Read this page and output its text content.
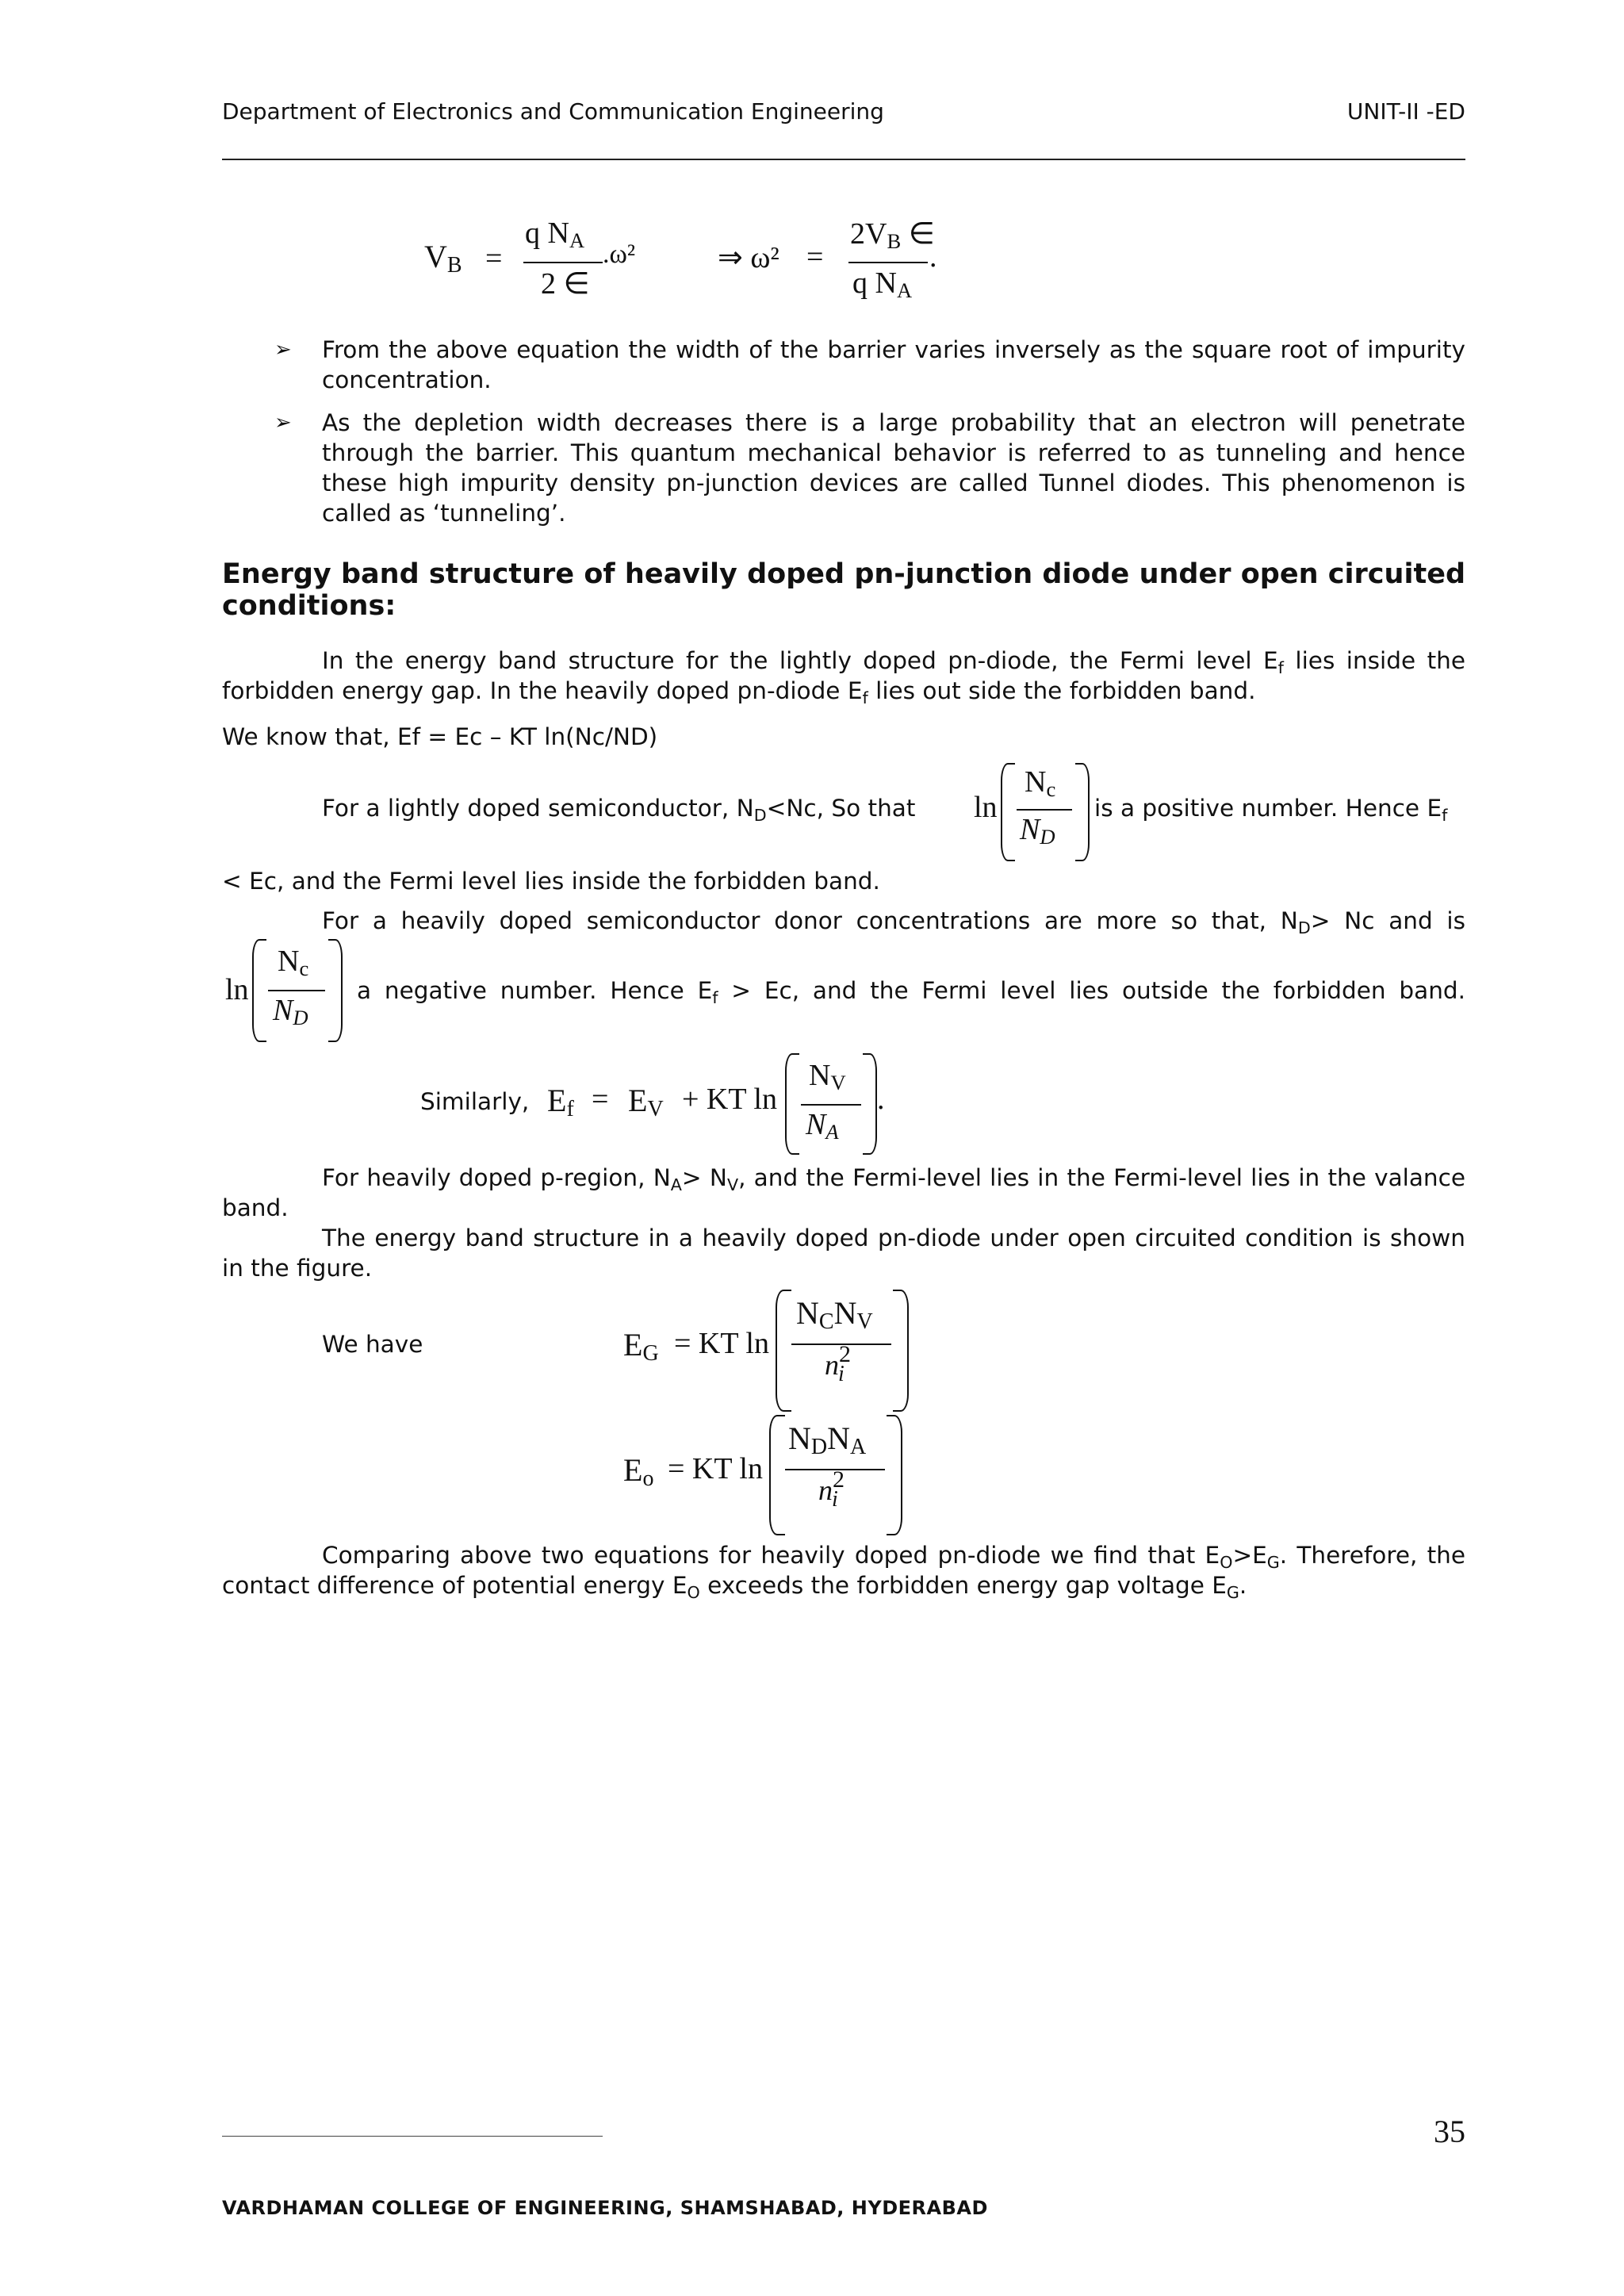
Department of Electronics and Communication Engineering	UNIT-II -ED
$V_B$ =
q $N_A$ .ω²
2 ∈
⇒ ω² =
$2V_B$ ∈
.
q $N_A$
➢ From the above equation the width of the barrier varies inversely as the square root of impurity concentration.
➢ As the depletion width decreases there is a large probability that an electron will penetrate through the barrier. This quantum mechanical behavior is referred to as tunneling and hence these high impurity density pn-junction devices are called Tunnel diodes. This phenomenon is called as ‘tunneling’.
Energy band structure of heavily doped pn-junction diode under open circuited conditions:
In the energy band structure for the lightly doped pn-diode, the Fermi level $E_f$ lies inside the forbidden energy gap. In the heavily doped pn-diode $E_f$ lies out side the forbidden band.
We know that, Ef = Ec – KT ln(Nc/ND)
For a lightly doped semiconductor, $N_D<Nc$, So that ln
$N_c$
$N_D$
is a positive number. Hence $E_f$
< Ec, and the Fermi level lies inside the forbidden band.
For a heavily doped semiconductor donor concentrations are more so that, $N_D> Nc$ and is
ln
$N_c$
$N_D$
a negative number. Hence $E_f > Ec$, and the Fermi level lies outside the forbidden band.
Similarly, $E_f = E_V$ + KT ln
$N_V$
$N_A$
.
For heavily doped p-region, $N_A> N_V$, and the Fermi-level lies in the Fermi-level lies in the valance band.
The energy band structure in a heavily doped pn-diode under open circuited condition is shown in the figure.
We have	$E_G$ = KT ln
$N_CN_V$
$n^2_i$
$E_o$ = KT ln
$N_DN_A$
$n^2_i$
Comparing above two equations for heavily doped pn-diode we find that $E_O>E_G$. Therefore, the contact difference of potential energy $E_O$ exceeds the forbidden energy gap voltage $E_G$.
35
VARDHAMAN COLLEGE OF ENGINEERING, SHAMSHABAD, HYDERABAD
